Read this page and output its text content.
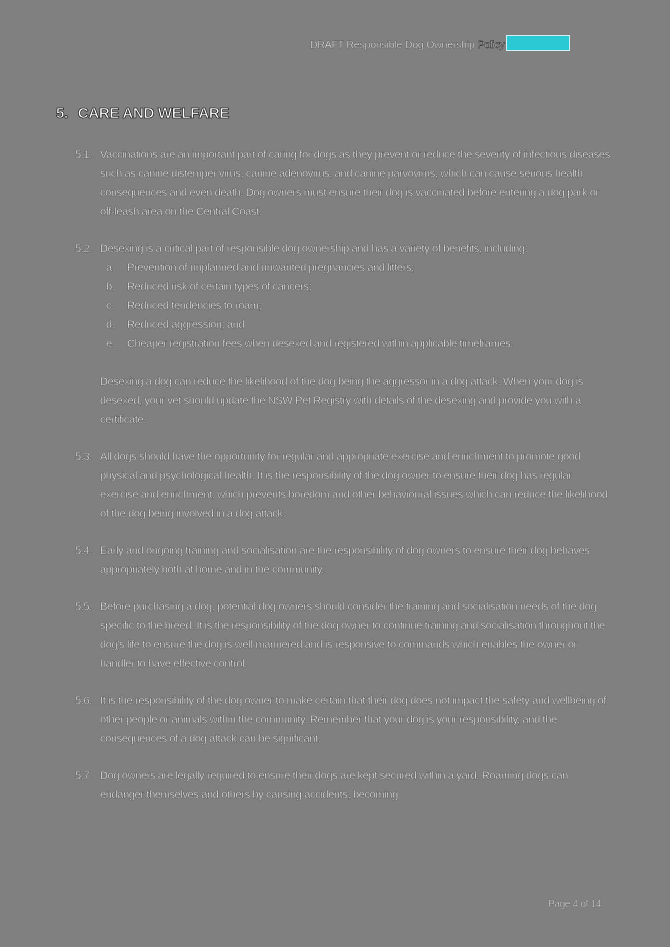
DRAFT Responsible Dog Ownership Policy
5. CARE AND WELFARE
5.1. Vaccinations are an important part of caring for dogs as they prevent or reduce the severity of infectious diseases such as canine distemper virus, canine adenovirus, and canine parvovirus, which can cause serious health consequences and even death. Dog owners must ensure their dog is vaccinated before entering a dog park or off-leash area on the Central Coast.
5.2. Desexing is a critical part of responsible dog ownership and has a variety of benefits, including:
a. Prevention of unplanned and unwanted pregnancies and litters;
b. Reduced risk of certain types of cancers;
c. Reduced tendencies to roam;
d. Reduced aggression; and
e. Cheaper registration fees when desexed and registered within applicable timeframes.
Desexing a dog can reduce the likelihood of the dog being the aggressor in a dog attack. When your dog is desexed, your vet should update the NSW Pet Registry with details of the desexing and provide you with a certificate.
5.3. All dogs should have the opportunity for regular and appropriate exercise and enrichment to promote good physical and psychological health. It is the responsibility of the dog owner to ensure their dog has regular exercise and enrichment, which prevents boredom and other behavioural issues which can reduce the likelihood of the dog being involved in a dog attack.
5.4. Early and ongoing training and socialisation are the responsibility of dog owners to ensure their dog behaves appropriately both at home and in the community.
5.5. Before purchasing a dog, potential dog owners should consider the training and socialisation needs of the dog specific to the breed. It is the responsibility of the dog owner to continue training and socialisation throughout the dog's life to ensure the dog is well-mannered and is responsive to commands which enables the owner or handler to have effective control.
5.6. It is the responsibility of the dog owner to make certain that their dog does not impact the safety and wellbeing of other people or animals within the community. Remember that your dog is your responsibility, and the consequences of a dog attack can be significant.
5.7. Dog owners are legally required to ensure their dogs are kept secured within a yard. Roaming dogs can endanger themselves and others by causing accidents, becoming
Page 4 of 14
